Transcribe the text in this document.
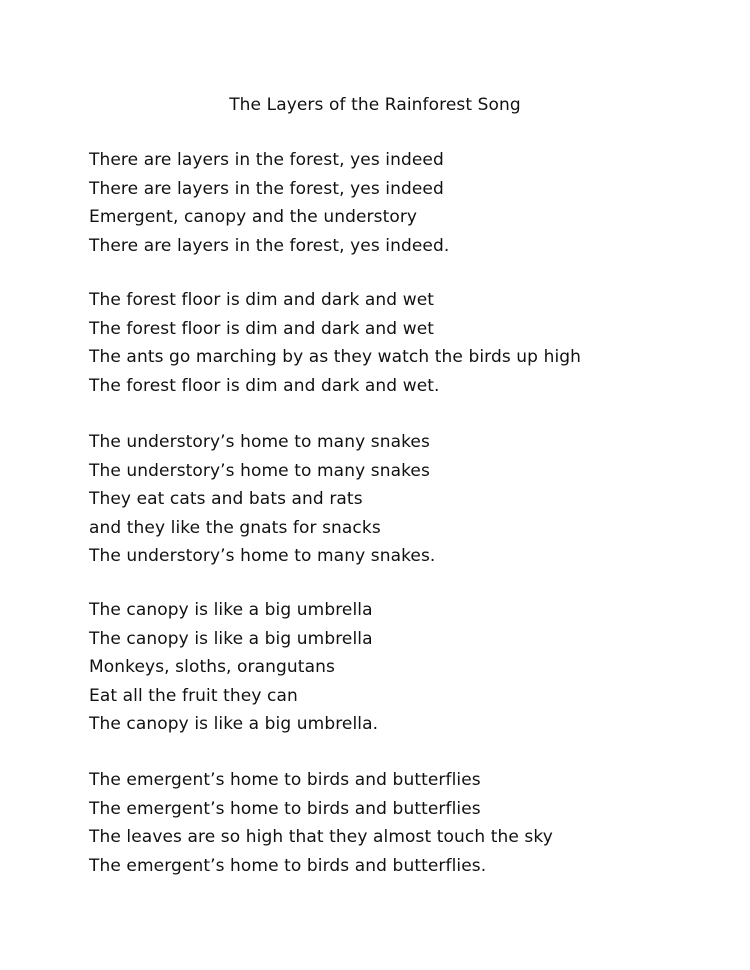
The Layers of the Rainforest Song
There are layers in the forest, yes indeed
There are layers in the forest, yes indeed
Emergent, canopy and the understory
There are layers in the forest, yes indeed.
The forest floor is dim and dark and wet
The forest floor is dim and dark and wet
The ants go marching by as they watch the birds up high
The forest floor is dim and dark and wet.
The understory’s home to many snakes
The understory’s home to many snakes
They eat cats and bats and rats
and they like the gnats for snacks
The understory’s home to many snakes.
The canopy is like a big umbrella
The canopy is like a big umbrella
Monkeys, sloths, orangutans
Eat all the fruit they can
The canopy is like a big umbrella.
The emergent’s home to birds and butterflies
The emergent’s home to birds and butterflies
The leaves are so high that they almost touch the sky
The emergent’s home to birds and butterflies.
